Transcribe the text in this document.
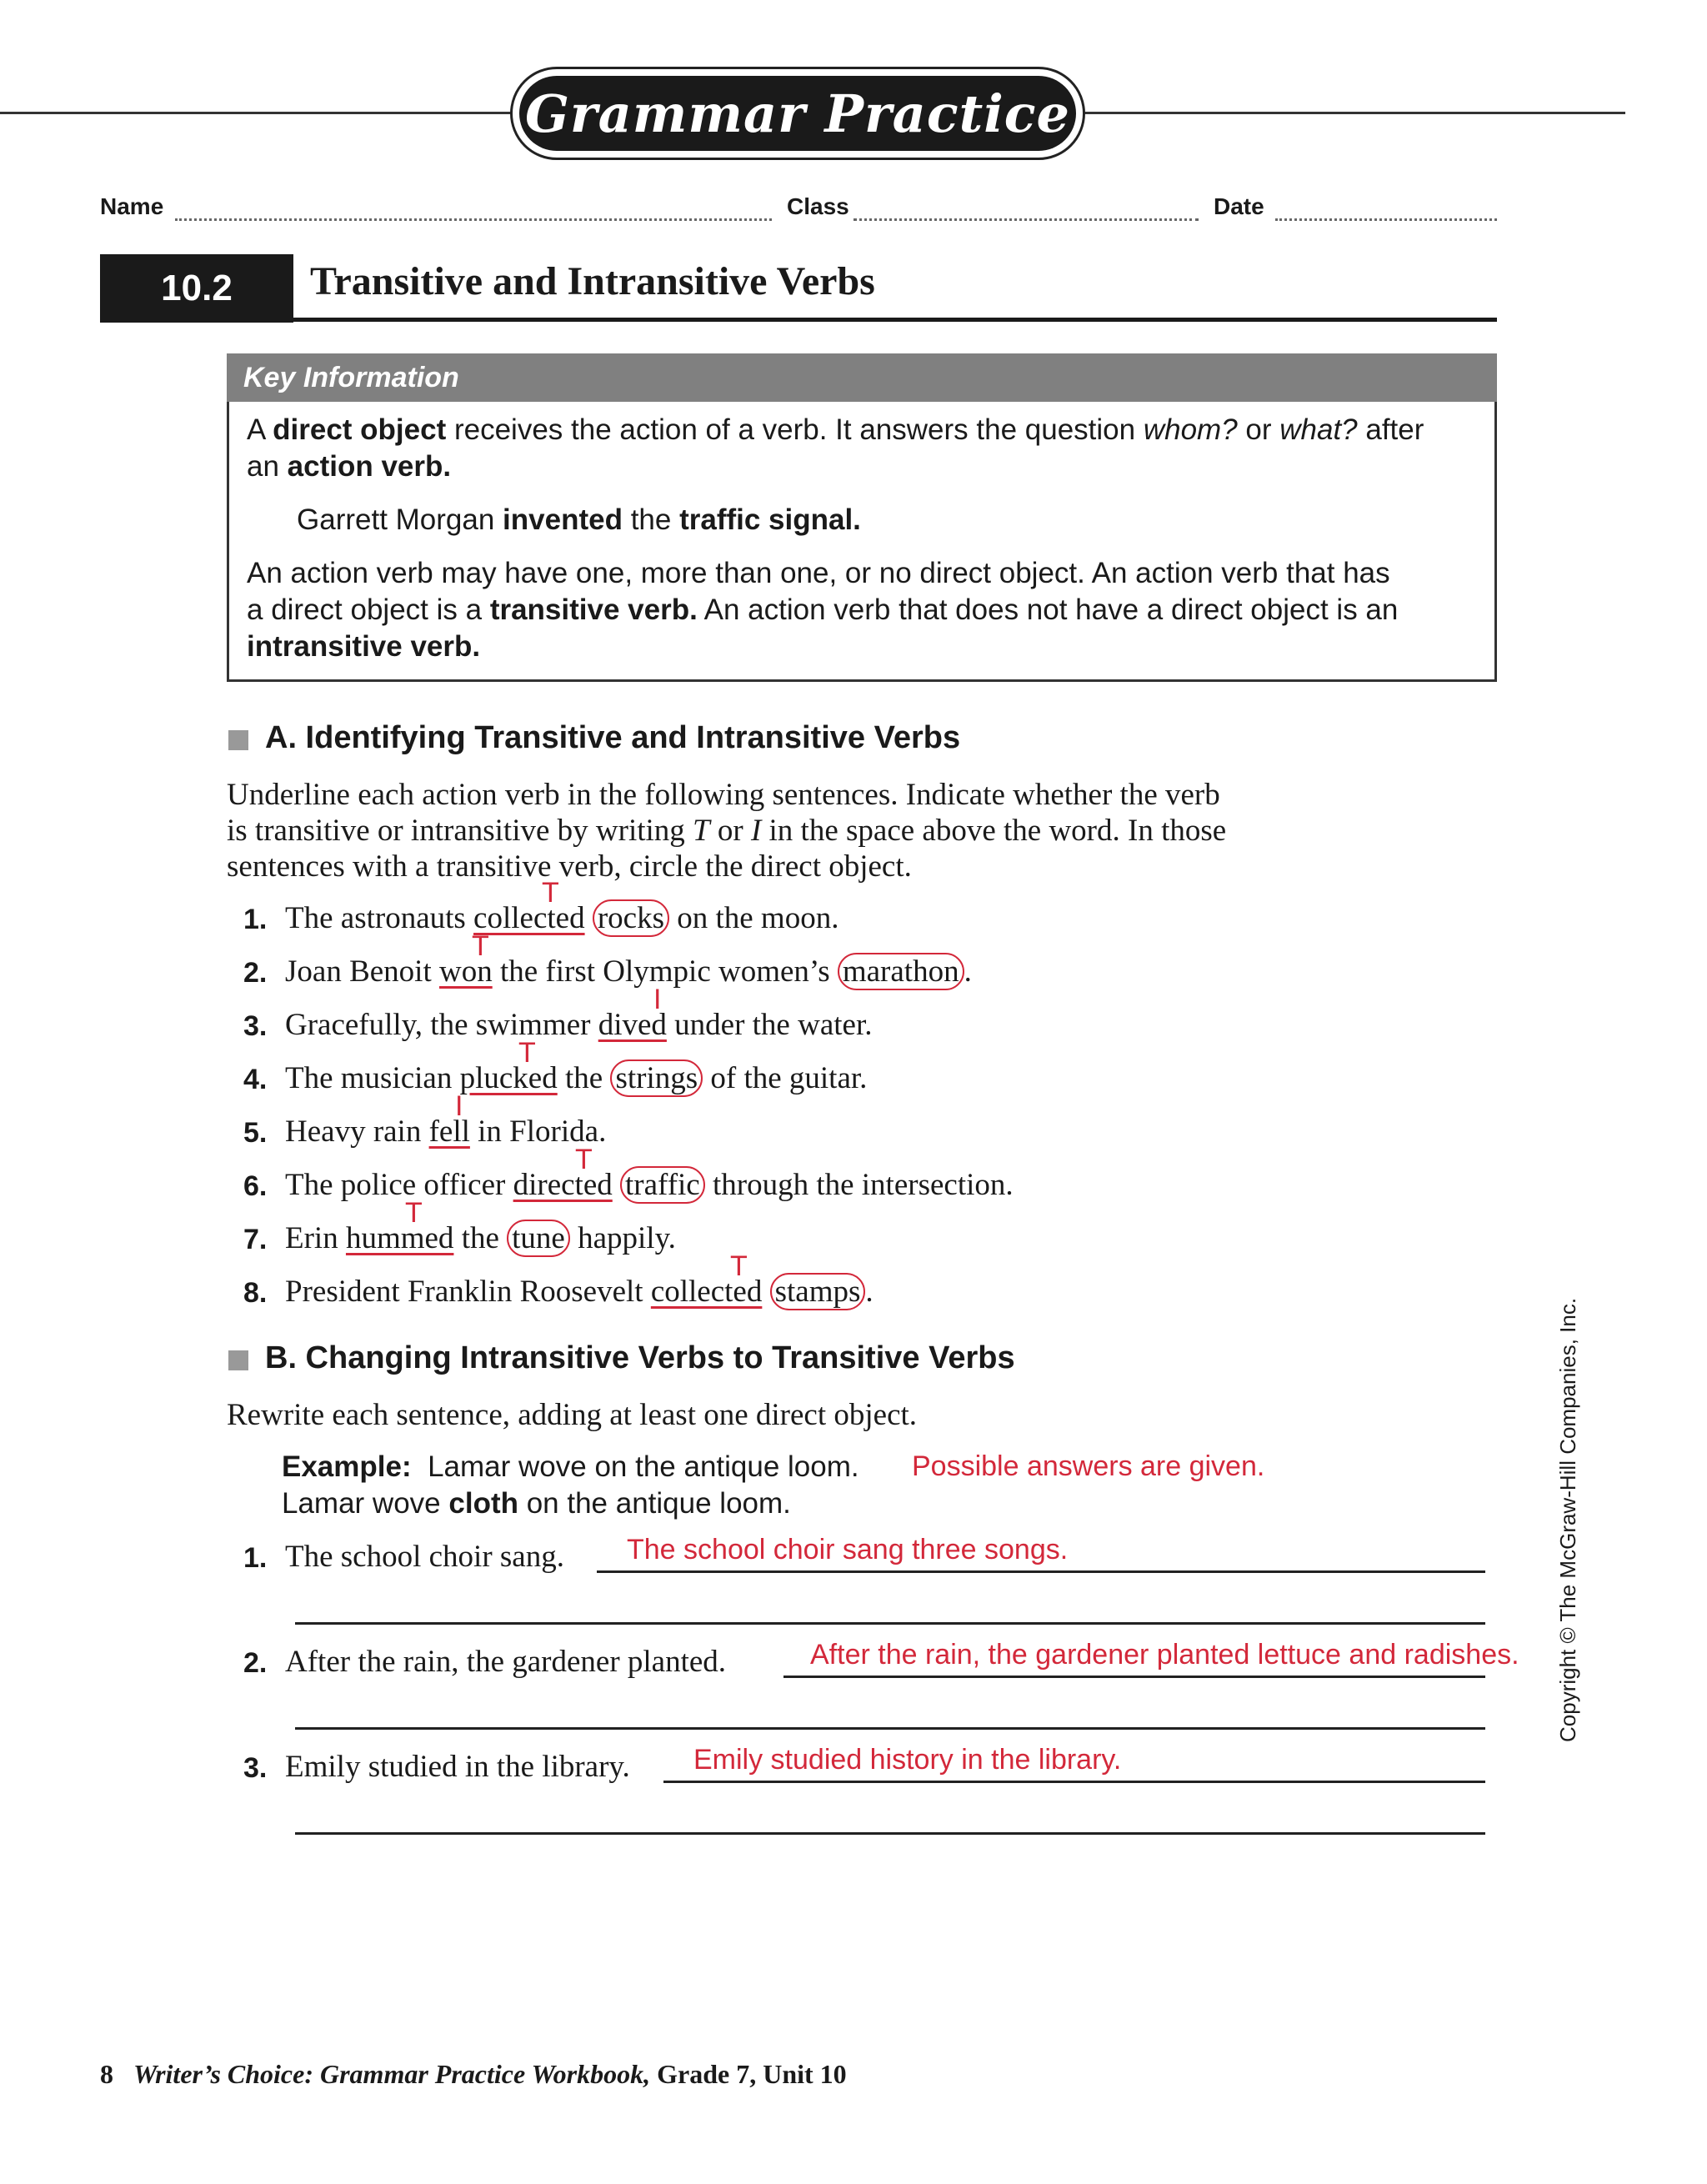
Grammar Practice
Name	Class	Date
10.2 Transitive and Intransitive Verbs
Key Information
A direct object receives the action of a verb. It answers the question whom? or what? after
an action verb.
Garrett Morgan invented the traffic signal.
An action verb may have one, more than one, or no direct object. An action verb that has
a direct object is a transitive verb. An action verb that does not have a direct object is an
intransitive verb.
A. Identifying Transitive and Intransitive Verbs
Underline each action verb in the following sentences. Indicate whether the verb
is transitive or intransitive by writing T or I in the space above the word. In those
sentences with a transitive verb, circle the direct object.
1.
T
The astronauts collected rocks on the moon.
2.
T
Joan Benoit won the first Olympic women’s marathon .
3.
I
Gracefully, the swimmer dived under the water.
4.
T
The musician plucked the strings of the guitar.
5.
I
Heavy rain fell in Florida.
6.
T
The police officer directed traffic through the intersection.
7.
T
Erin hummed the tune happily.
8.
T
President Franklin Roosevelt collected stamps .
B. Changing Intransitive Verbs to Transitive Verbs
Rewrite each sentence, adding at least one direct object.
Example: Lamar wove on the antique loom. Possible answers are given.
Lamar wove cloth on the antique loom.
1. The school choir sang. The school choir sang three songs.
2. After the rain, the gardener planted.	After the rain, the gardener planted lettuce and radishes.
3. Emily studied in the library. Emily studied history in the library.
Copyright © The McGraw-Hill Companies, Inc.
8 Writer’s Choice: Grammar Practice Workbook, Grade 7, Unit 10
